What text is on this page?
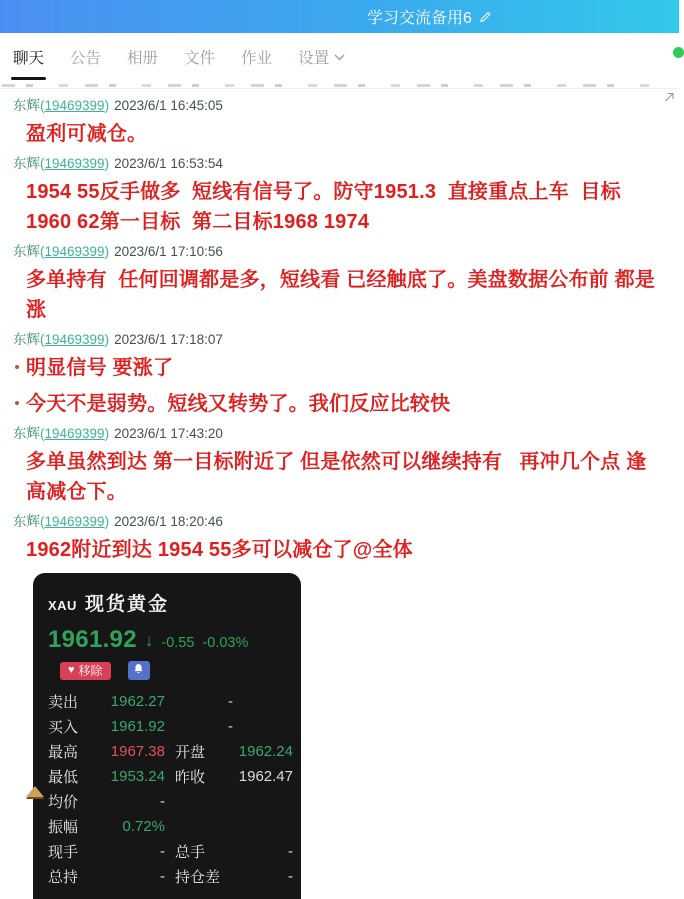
学习交流备用6
聊天 公告 相册 文件 作业 设置
东辉(19469399) 2023/6/1 16:45:05
盈利可减仓。
东辉(19469399) 2023/6/1 16:53:54
1954 55反手做多  短线有信号了。防守1951.3  直接重点上车  目标1960 62第一目标  第二目标1968 1974
东辉(19469399) 2023/6/1 17:10:56
多单持有  任何回调都是多，短线看 已经触底了。美盘数据公布前 都是涨
东辉(19469399) 2023/6/1 17:18:07
明显信号 要涨了
今天不是弱势。短线又转势了。我们反应比较快
东辉(19469399) 2023/6/1 17:43:20
多单虽然到达 第一目标附近了 但是依然可以继续持有   再冲几个点 逢高减仓下。
东辉(19469399) 2023/6/1 18:20:46
1962附近到达 1954 55多可以减仓了@全体
XAU 现货黄金
1961.92 ↓ -0.55 -0.03%
♥ 移除
卖出	1962.27	-
买入	1961.92	-
最高	1967.38 开盘	1962.24
最低	1953.24 昨收	1962.47
均价	-
振幅	0.72%
现手	- 总手	-
总持	- 持仓差	-
